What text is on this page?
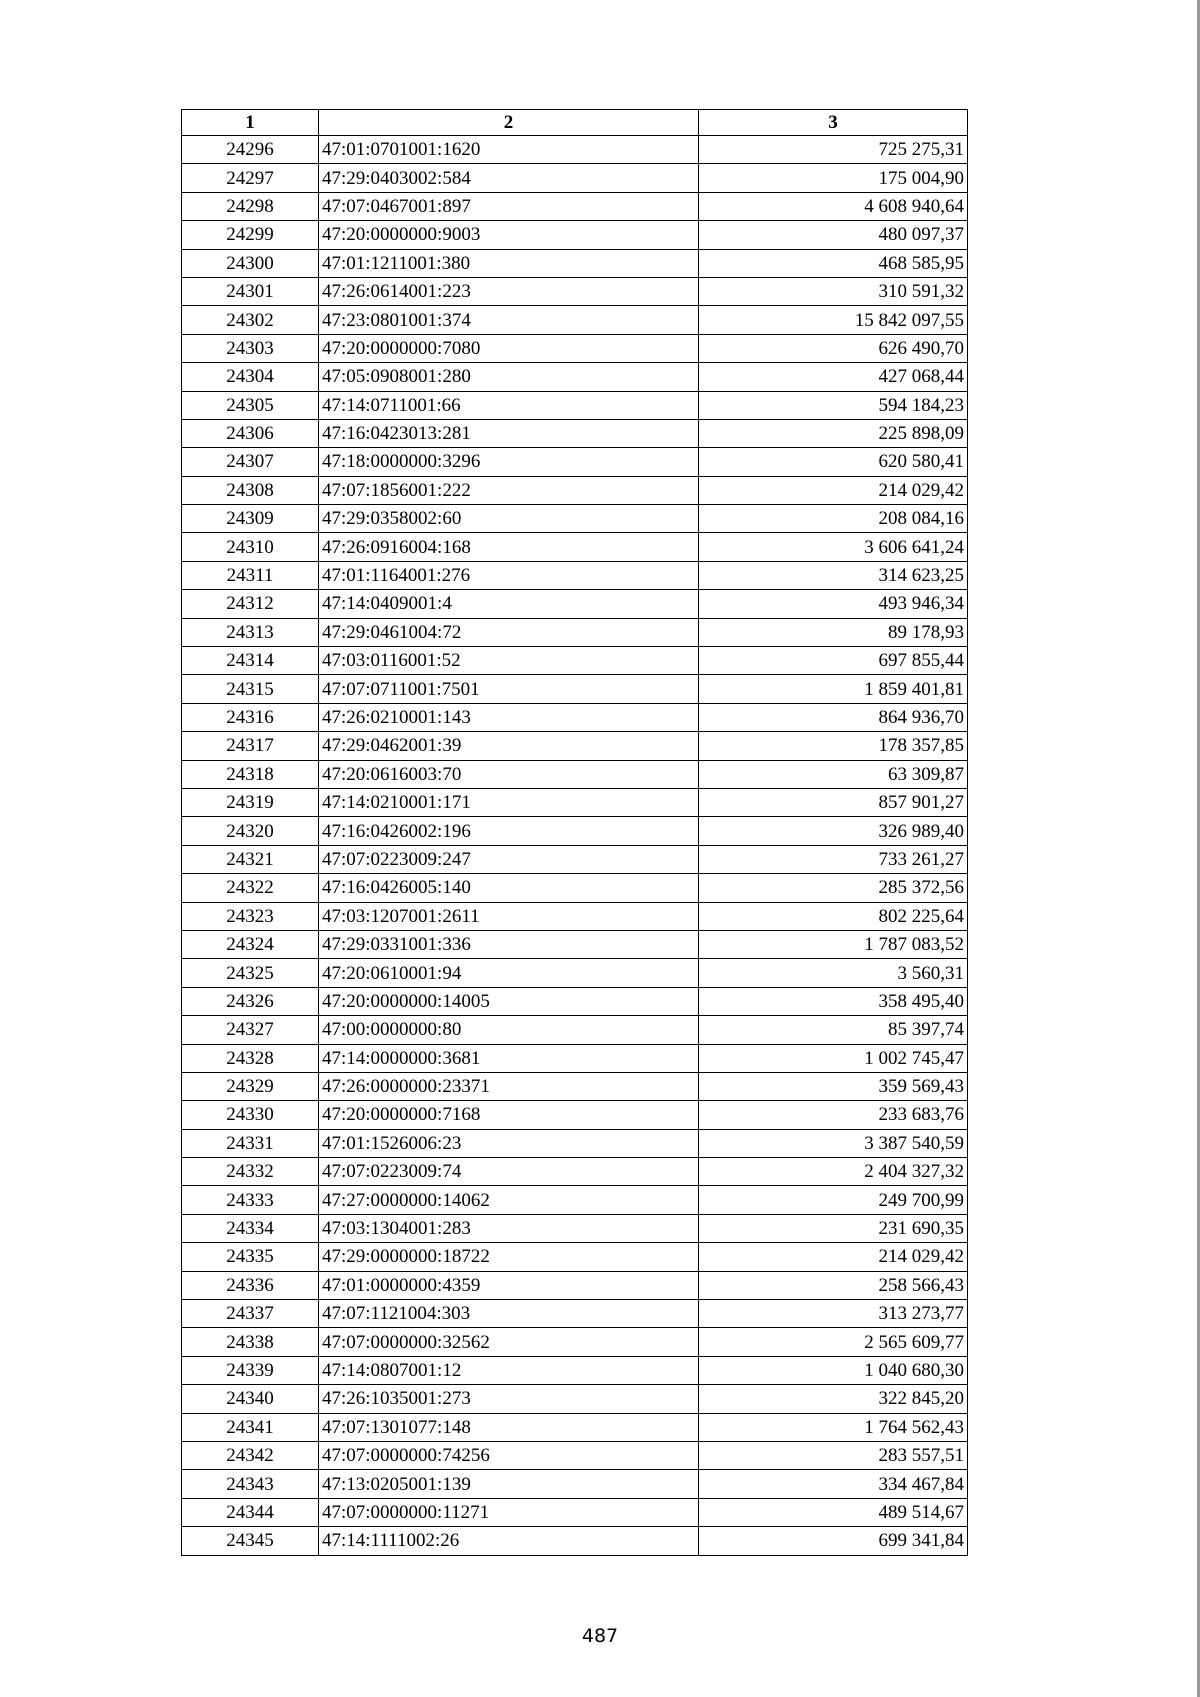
1	2	3
24296	47:01:0701001:1620	725 275,31
24297	47:29:0403002:584	175 004,90
24298	47:07:0467001:897	4 608 940,64
24299	47:20:0000000:9003	480 097,37
24300	47:01:1211001:380	468 585,95
24301	47:26:0614001:223	310 591,32
24302	47:23:0801001:374	15 842 097,55
24303	47:20:0000000:7080	626 490,70
24304	47:05:0908001:280	427 068,44
24305	47:14:0711001:66	594 184,23
24306	47:16:0423013:281	225 898,09
24307	47:18:0000000:3296	620 580,41
24308	47:07:1856001:222	214 029,42
24309	47:29:0358002:60	208 084,16
24310	47:26:0916004:168	3 606 641,24
24311	47:01:1164001:276	314 623,25
24312	47:14:0409001:4	493 946,34
24313	47:29:0461004:72	89 178,93
24314	47:03:0116001:52	697 855,44
24315	47:07:0711001:7501	1 859 401,81
24316	47:26:0210001:143	864 936,70
24317	47:29:0462001:39	178 357,85
24318	47:20:0616003:70	63 309,87
24319	47:14:0210001:171	857 901,27
24320	47:16:0426002:196	326 989,40
24321	47:07:0223009:247	733 261,27
24322	47:16:0426005:140	285 372,56
24323	47:03:1207001:2611	802 225,64
24324	47:29:0331001:336	1 787 083,52
24325	47:20:0610001:94	3 560,31
24326	47:20:0000000:14005	358 495,40
24327	47:00:0000000:80	85 397,74
24328	47:14:0000000:3681	1 002 745,47
24329	47:26:0000000:23371	359 569,43
24330	47:20:0000000:7168	233 683,76
24331	47:01:1526006:23	3 387 540,59
24332	47:07:0223009:74	2 404 327,32
24333	47:27:0000000:14062	249 700,99
24334	47:03:1304001:283	231 690,35
24335	47:29:0000000:18722	214 029,42
24336	47:01:0000000:4359	258 566,43
24337	47:07:1121004:303	313 273,77
24338	47:07:0000000:32562	2 565 609,77
24339	47:14:0807001:12	1 040 680,30
24340	47:26:1035001:273	322 845,20
24341	47:07:1301077:148	1 764 562,43
24342	47:07:0000000:74256	283 557,51
24343	47:13:0205001:139	334 467,84
24344	47:07:0000000:11271	489 514,67
24345	47:14:1111002:26	699 341,84
487
